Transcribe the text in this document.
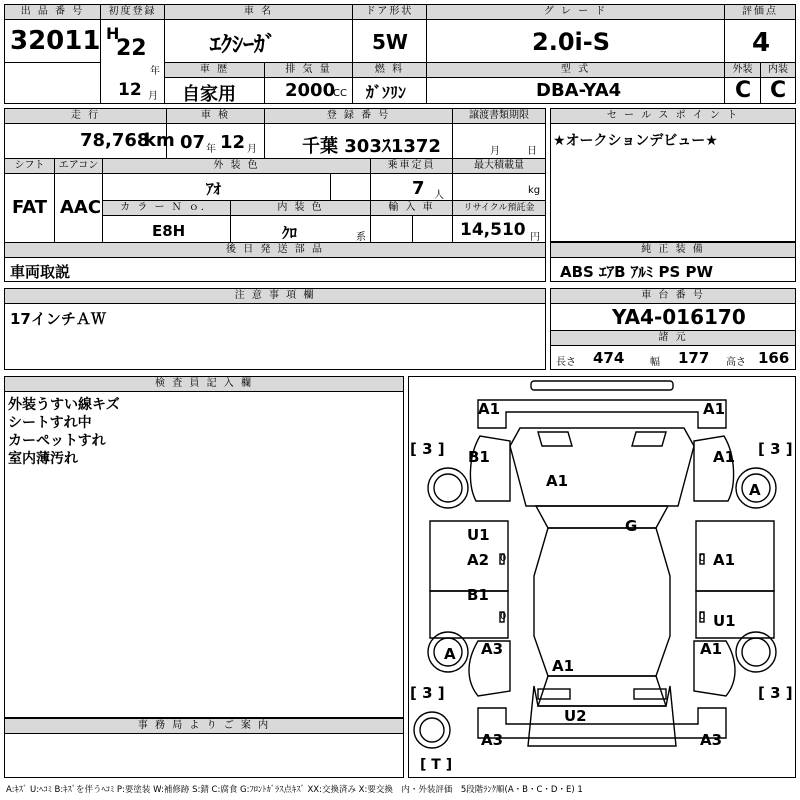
出 品 番 号
32011
初度登録
H
22
年
12 月
車 名
ｴｸｼｰｶﾞ
ドア形状
5W
グ レ ー ド
2.0i-S
評価点
4
車 歴
自家用
排 気 量
2000
CC
燃 料
ｶﾞｿﾘﾝ
型 式
DBA-YA4
外装	内装
C C
走 行
78,768
km
車 検
07 年 12 月
登 録 番 号
千葉 303ｽ1372
譲渡書類期限
月	日
シフト
FAT
エアコン
AAC
外 装 色
ｱｵ
乗車定員
7 人
最大積載量
kg
カ ラ ー Ｎ ｏ．
E8H
内 装 色
ｸﾛ	系
輸 入 車	リサイクル預託金
14,510 円
後 日 発 送 部 品
車両取説
セ ー ル ス ポ イ ン ト
★オークションデビュー★
純 正 装 備
ABS ｴｱB ｱﾙﾐ PS PW
注 意 事 項 欄
17インチＡＷ
車 台 番 号
YA4-016170
諸 元
長さ 474	幅 177 高さ 166
検 査 員 記 入 欄
外装うすい線キズ
シートすれ中
カーペットすれ
室内薄汚れ
事 務 局 よ り ご 案 内
A1	A1
[ 3 ]	[ 3 ]
B1	A1
A1	A
G
U1
A2	A1
0	0
B1
U1
0	0
A A3	A1
A1
[ 3 ]	[ 3 ]
U2
A3	A3
[ T ]
A:ｷｽﾞ U:ﾍｺﾐ B:ｷｽﾞを伴うﾍｺﾐ P:要塗装 W:補修跡 S:錆 C:腐食 G:ﾌﾛﾝﾄｶﾞﾗｽ点ｷｽﾞ XX:交換済み X:要交換　内・外装評価　5段階ﾗﾝｸ順(A・B・C・D・E) 1
